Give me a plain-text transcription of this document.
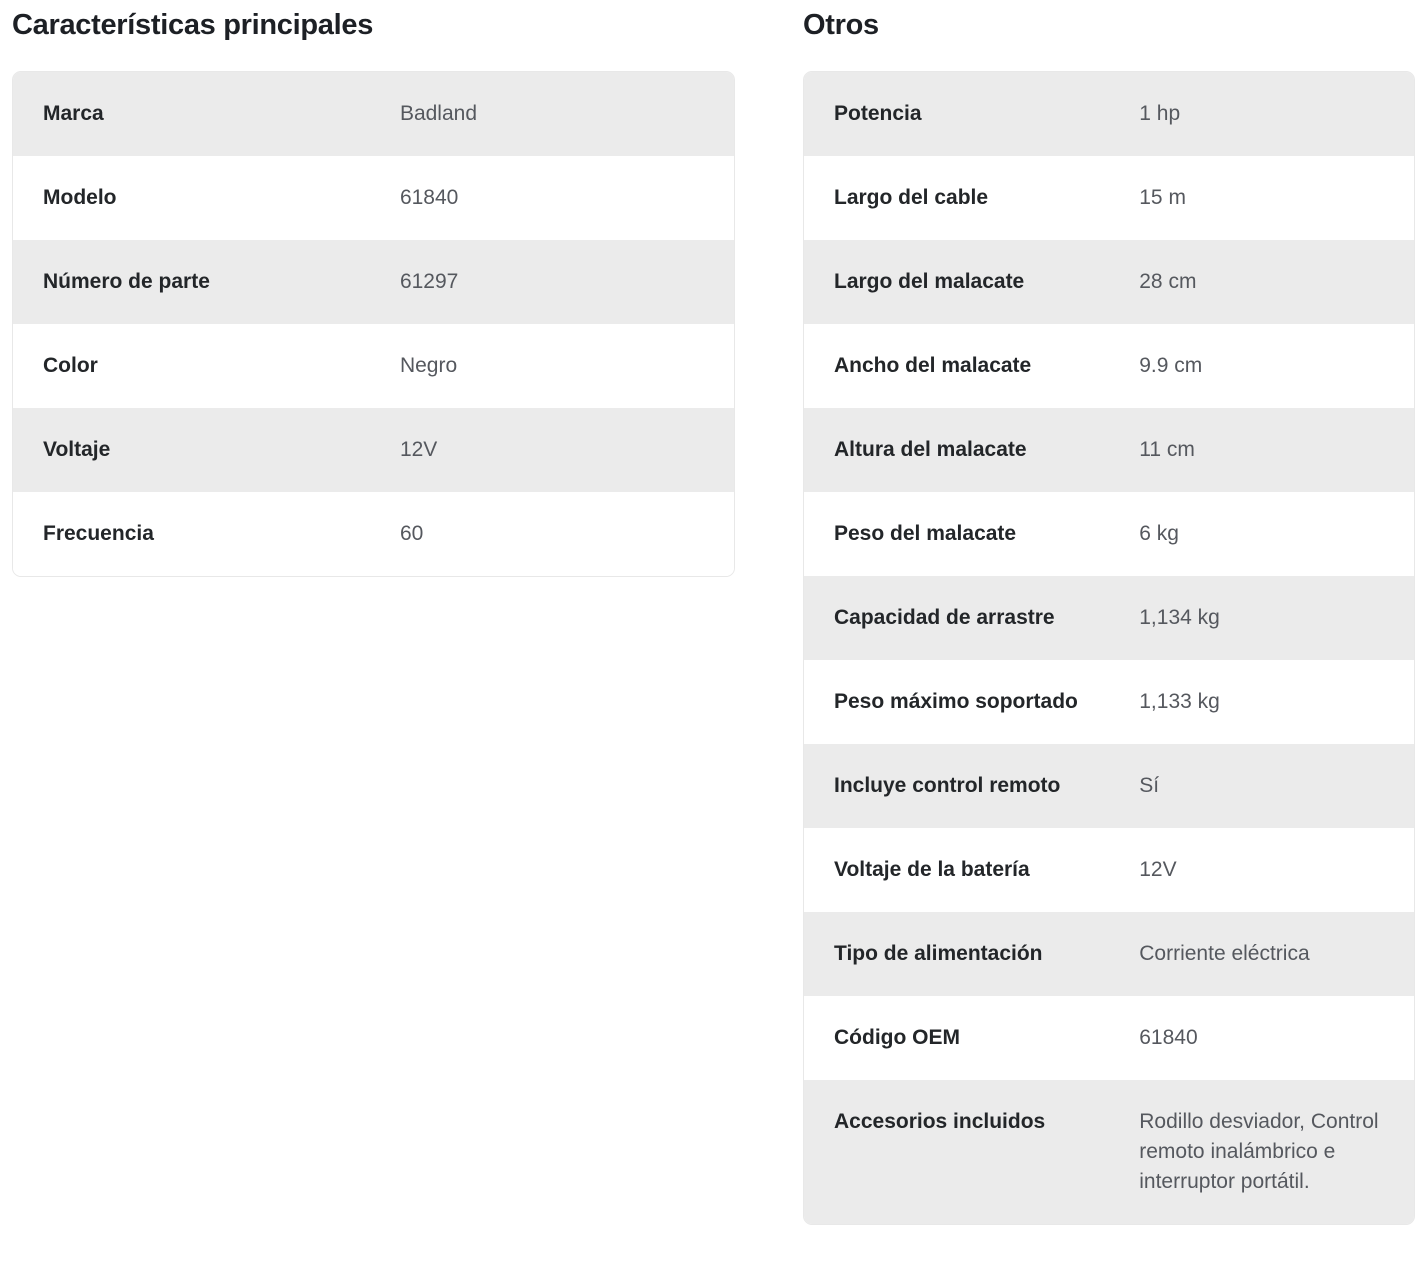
Características principales
Marca	Badland
Modelo	61840
Número de parte	61297
Color	Negro
Voltaje	12V
Frecuencia	60
Otros
Potencia	1 hp
Largo del cable	15 m
Largo del malacate	28 cm
Ancho del malacate	9.9 cm
Altura del malacate	11 cm
Peso del malacate	6 kg
Capacidad de arrastre	1,134 kg
Peso máximo soportado	1,133 kg
Incluye control remoto	Sí
Voltaje de la batería	12V
Tipo de alimentación	Corriente eléctrica
Código OEM	61840
Accesorios incluidos	Rodillo desviador, Control remoto inalámbrico e interruptor portátil.
